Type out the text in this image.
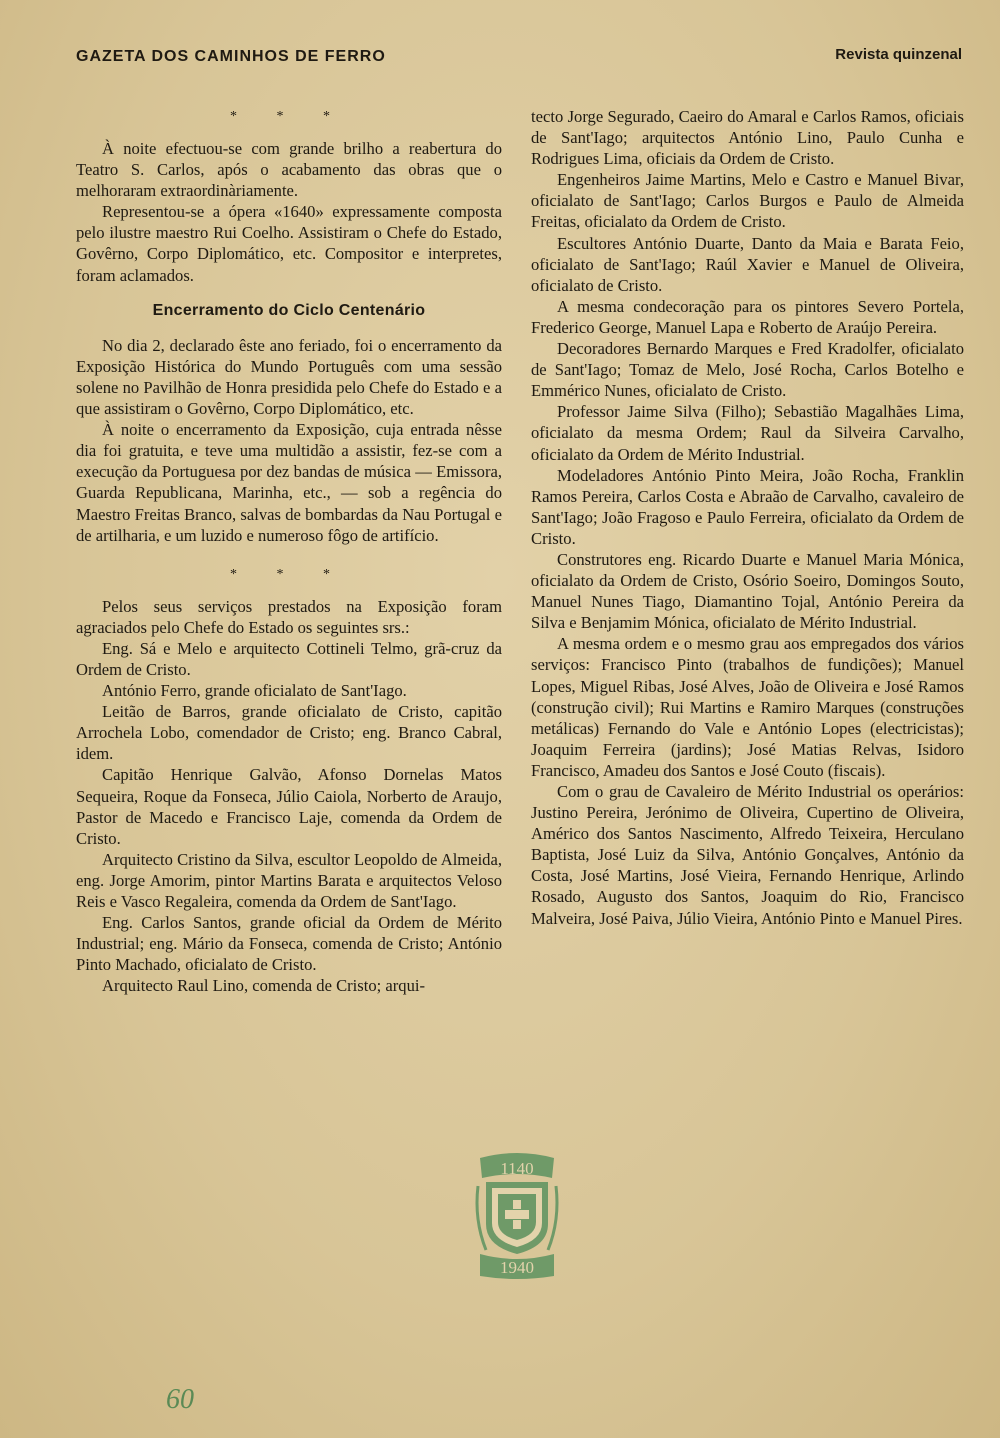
GAZETA DOS CAMINHOS DE FERRO	Revista quinzenal
* * *

À noite efectuou-se com grande brilho a reabertura do Teatro S. Carlos, após o acabamento das obras que o melhoraram extraordinàriamente.

Representou-se a ópera «1640» expressamente composta pelo ilustre maestro Rui Coelho. Assistiram o Chefe do Estado, Govêrno, Corpo Diplomático, etc. Compositor e interpretes, foram aclamados.

Encerramento do Ciclo Centenário

No dia 2, declarado êste ano feriado, foi o encerramento da Exposição Histórica do Mundo Português com uma sessão solene no Pavilhão de Honra presidida pelo Chefe do Estado e a que assistiram o Govêrno, Corpo Diplomático, etc.

À noite o encerramento da Exposição, cuja entrada nêsse dia foi gratuita, e teve uma multidão a assistir, fez-se com a execução da Portuguesa por dez bandas de música — Emissora, Guarda Republicana, Marinha, etc., — sob a regência do Maestro Freitas Branco, salvas de bombardas da Nau Portugal e de artilharia, e um luzido e numeroso fôgo de artifício.

* * *

Pelos seus serviços prestados na Exposição foram agraciados pelo Chefe do Estado os seguintes srs.:

Eng. Sá e Melo e arquitecto Cottineli Telmo, grã-cruz da Ordem de Cristo.

António Ferro, grande oficialato de Sant'Iago.

Leitão de Barros, grande oficialato de Cristo, capitão Arrochela Lobo, comendador de Cristo; eng. Branco Cabral, idem.

Capitão Henrique Galvão, Afonso Dornelas Matos Sequeira, Roque da Fonseca, Júlio Caiola, Norberto de Araujo, Pastor de Macedo e Francisco Laje, comenda da Ordem de Cristo.

Arquitecto Cristino da Silva, escultor Leopoldo de Almeida, eng. Jorge Amorim, pintor Martins Barata e arquitectos Veloso Reis e Vasco Regaleira, comenda da Ordem de Sant'Iago.

Eng. Carlos Santos, grande oficial da Ordem de Mérito Industrial; eng. Mário da Fonseca, comenda de Cristo; António Pinto Machado, oficialato de Cristo.

Arquitecto Raul Lino, comenda de Cristo; arqui-

tecto Jorge Segurado, Caeiro do Amaral e Carlos Ramos, oficiais de Sant'Iago; arquitectos António Lino, Paulo Cunha e Rodrigues Lima, oficiais da Ordem de Cristo.

Engenheiros Jaime Martins, Melo e Castro e Manuel Bivar, oficialato de Sant'Iago; Carlos Burgos e Paulo de Almeida Freitas, oficialato da Ordem de Cristo.

Escultores António Duarte, Danto da Maia e Barata Feio, oficialato de Sant'Iago; Raúl Xavier e Manuel de Oliveira, oficialato de Cristo.

A mesma condecoração para os pintores Severo Portela, Frederico George, Manuel Lapa e Roberto de Araújo Pereira.

Decoradores Bernardo Marques e Fred Kradolfer, oficialato de Sant'Iago; Tomaz de Melo, José Rocha, Carlos Botelho e Emmérico Nunes, oficialato de Cristo.

Professor Jaime Silva (Filho); Sebastião Magalhães Lima, oficialato da mesma Ordem; Raul da Silveira Carvalho, oficialato da Ordem de Mérito Industrial.

Modeladores António Pinto Meira, João Rocha, Franklin Ramos Pereira, Carlos Costa e Abraão de Carvalho, cavaleiro de Sant'Iago; João Fragoso e Paulo Ferreira, oficialato da Ordem de Cristo.

Construtores eng. Ricardo Duarte e Manuel Maria Mónica, oficialato da Ordem de Cristo, Osório Soeiro, Domingos Souto, Manuel Nunes Tiago, Diamantino Tojal, António Pereira da Silva e Benjamim Mónica, oficialato de Mérito Industrial.

A mesma ordem e o mesmo grau aos empregados dos vários serviços: Francisco Pinto (trabalhos de fundições); Manuel Lopes, Miguel Ribas, José Alves, João de Oliveira e José Ramos (construção civil); Rui Martins e Ramiro Marques (construções metálicas) Fernando do Vale e António Lopes (electricistas); Joaquim Ferreira (jardins); José Matias Relvas, Isidoro Francisco, Amadeu dos Santos e José Couto (fiscais).

Com o grau de Cavaleiro de Mérito Industrial os operários: Justino Pereira, Jerónimo de Oliveira, Cupertino de Oliveira, Américo dos Santos Nascimento, Alfredo Teixeira, Herculano Baptista, José Luiz da Silva, António Gonçalves, António da Costa, José Martins, José Vieira, Fernando Henrique, Arlindo Rosado, Augusto dos Santos, Joaquim do Rio, Francisco Malveira, José Paiva, Júlio Vieira, António Pinto e Manuel Pires.

1140
1940
60
